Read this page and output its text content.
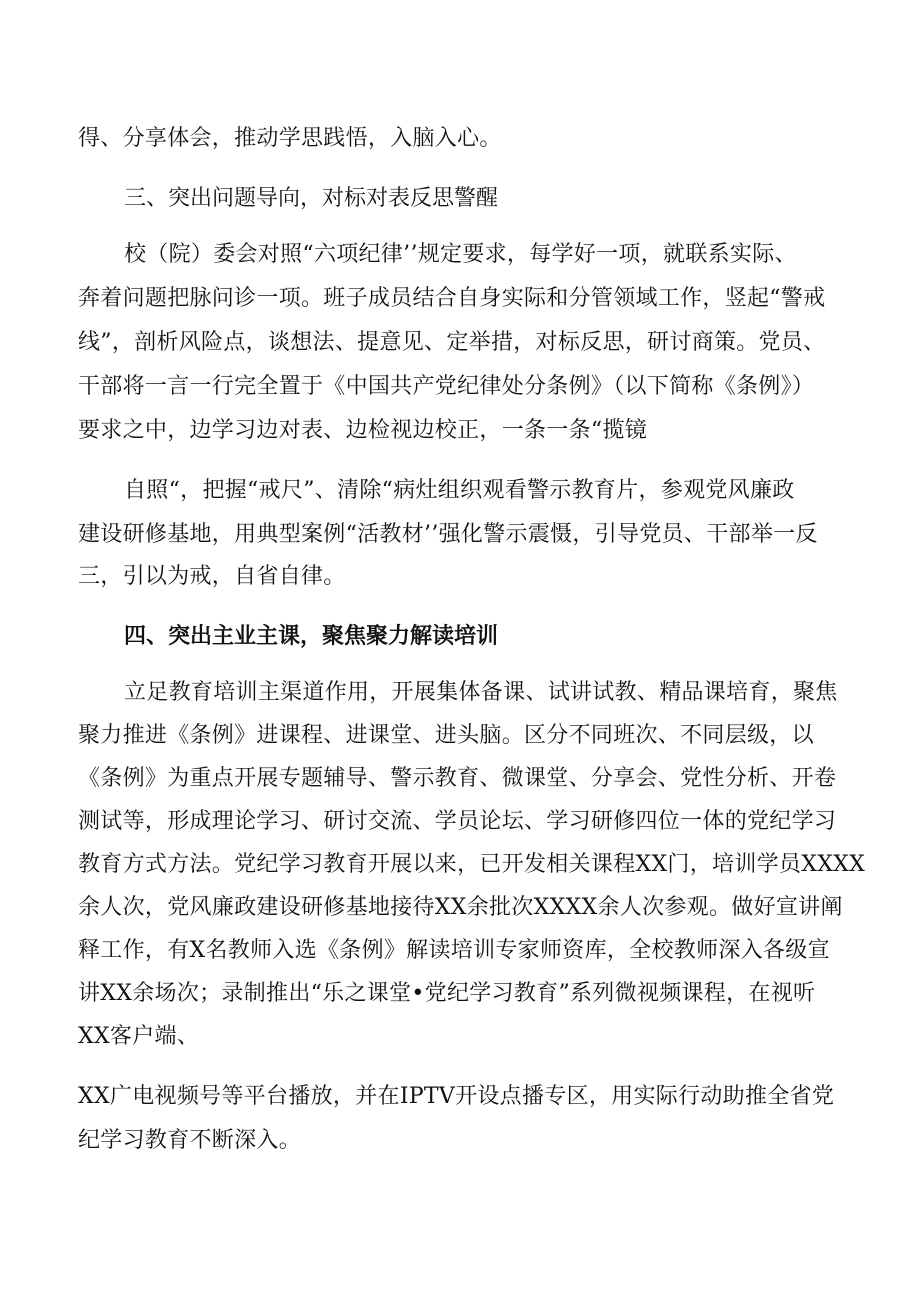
得、分享体会，推动学思践悟，入脑入心。
三、突出问题导向，对标对表反思警醒
校（院）委会对照“六项纪律’’规定要求，每学好一项，就联系实际、
奔着问题把脉问诊一项。班子成员结合自身实际和分管领域工作，竖起“警戒
线”，剖析风险点，谈想法、提意见、定举措，对标反思，研讨商策。党员、
干部将一言一行完全置于《中国共产党纪律处分条例》（以下简称《条例》）
要求之中，边学习边对表、边检视边校正，一条一条“揽镜
自照“，把握“戒尺”、清除“病灶组织观看警示教育片，参观党风廉政
建设研修基地，用典型案例“活教材’’强化警示震慑，引导党员、干部举一反
三，引以为戒，自省自律。
四、突出主业主课，聚焦聚力解读培训
立足教育培训主渠道作用，开展集体备课、试讲试教、精品课培育，聚焦
聚力推进《条例》进课程、进课堂、进头脑。区分不同班次、不同层级，以
《条例》为重点开展专题辅导、警示教育、微课堂、分享会、党性分析、开卷
测试等，形成理论学习、研讨交流、学员论坛、学习研修四位一体的党纪学习
教育方式方法。党纪学习教育开展以来，已开发相关课程XX门，培训学员XXXX
余人次，党风廉政建设研修基地接待XX余批次XXXX余人次参观。做好宣讲阐
释工作，有X名教师入选《条例》解读培训专家师资库，全校教师深入各级宣
讲XX余场次；录制推出“乐之课堂•党纪学习教育”系列微视频课程，在视听
XX客户端、
XX广电视频号等平台播放，并在IPTV开设点播专区，用实际行动助推全省党
纪学习教育不断深入。
